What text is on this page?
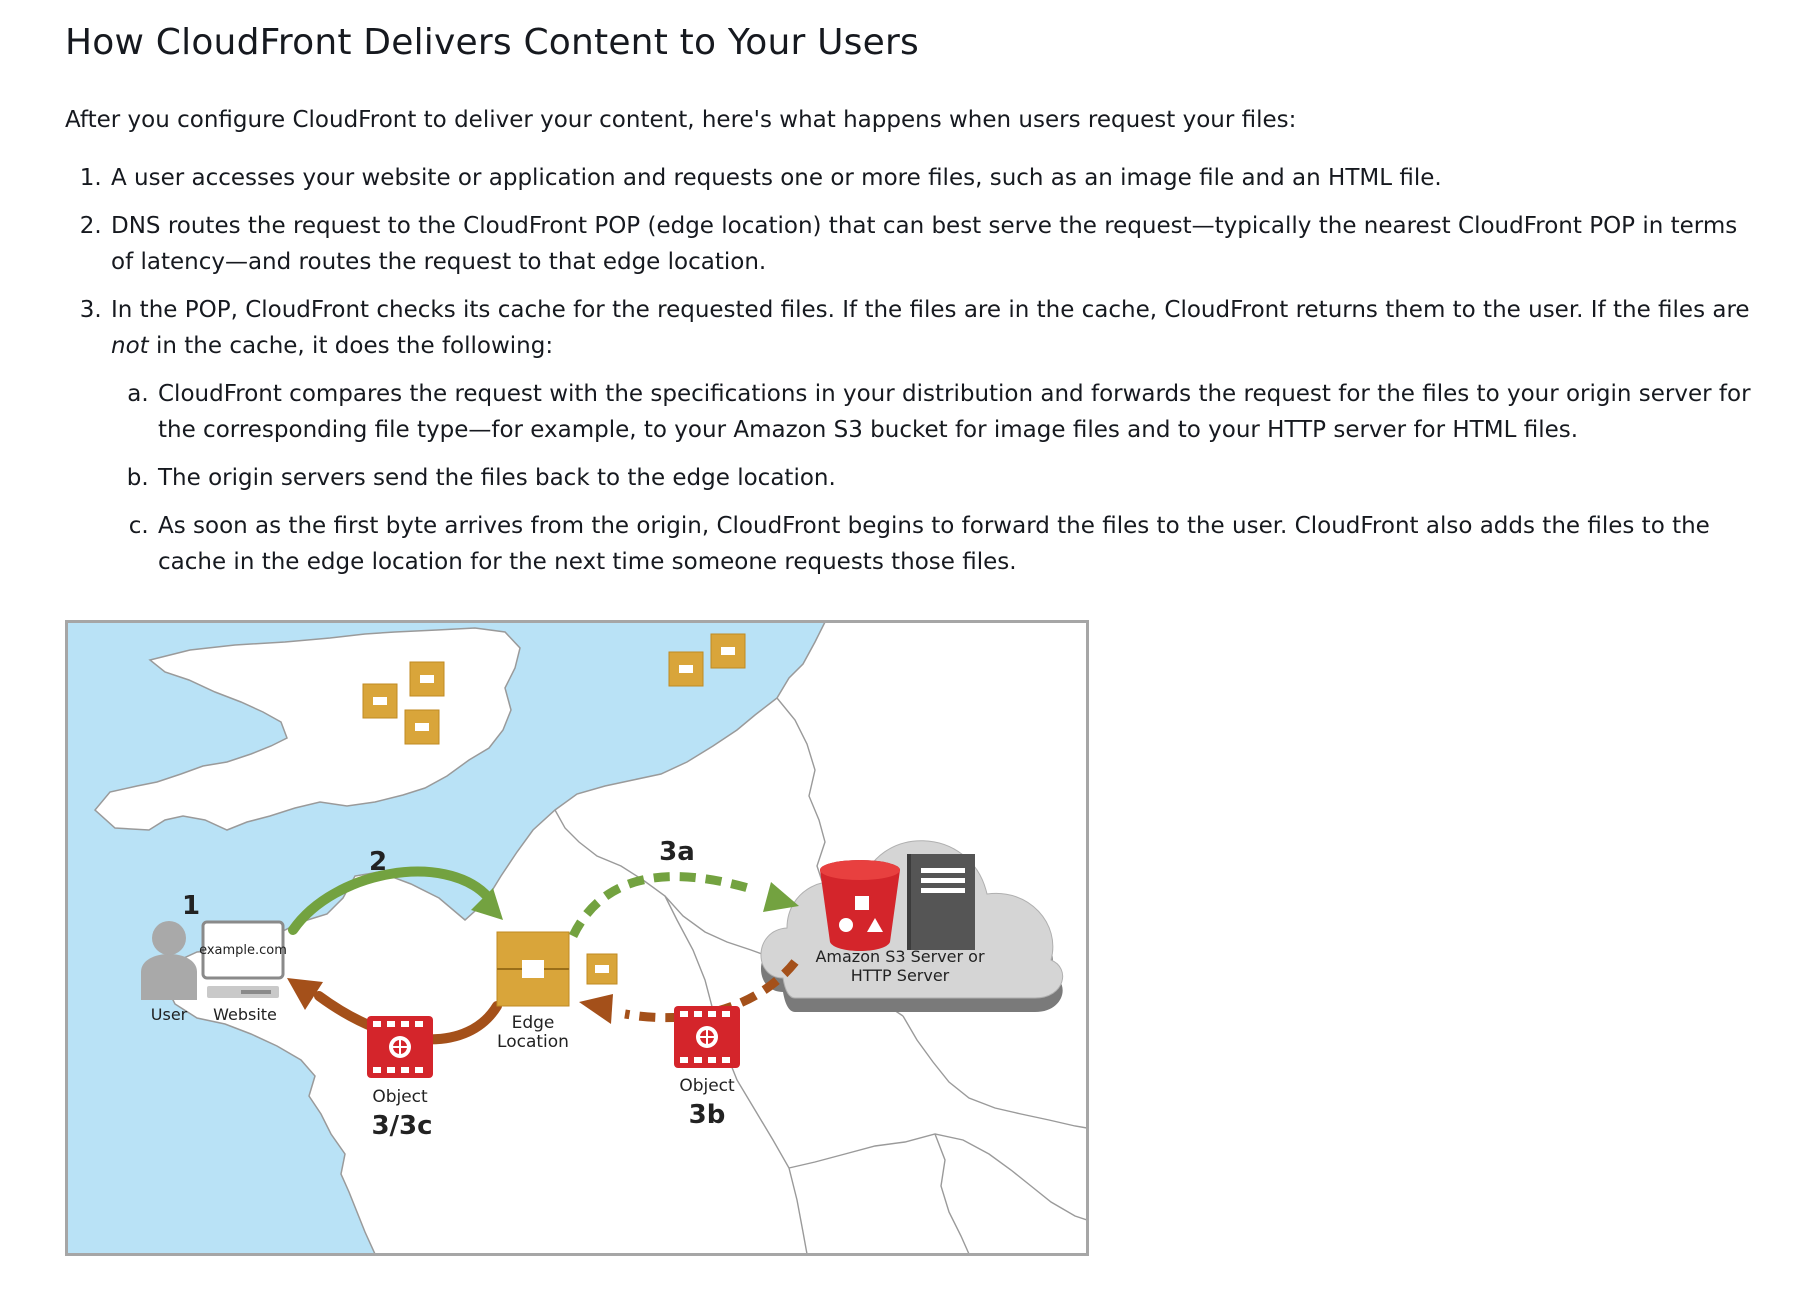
How CloudFront Delivers Content to Your Users

After you configure CloudFront to deliver your content, here's what happens when users request your files:

1. A user accesses your website or application and requests one or more files, such as an image file and an HTML file.
2. DNS routes the request to the CloudFront POP (edge location) that can best serve the request—typically the nearest CloudFront POP in terms of latency—and routes the request to that edge location.
3. In the POP, CloudFront checks its cache for the requested files. If the files are in the cache, CloudFront returns them to the user. If the files are not in the cache, it does the following:
a. CloudFront compares the request with the specifications in your distribution and forwards the request for the files to your origin server for the corresponding file type—for example, to your Amazon S3 bucket for image files and to your HTTP server for HTML files.
b. The origin servers send the files back to the edge location.
c. As soon as the first byte arrives from the origin, CloudFront begins to forward the files to the user. CloudFront also adds the files to the cache in the edge location for the next time someone requests those files.
Amazon S3 Server or
HTTP Server
Edge
Location
User
example.com
Website
Object
Object
1
2	3a
3b
3/3c
